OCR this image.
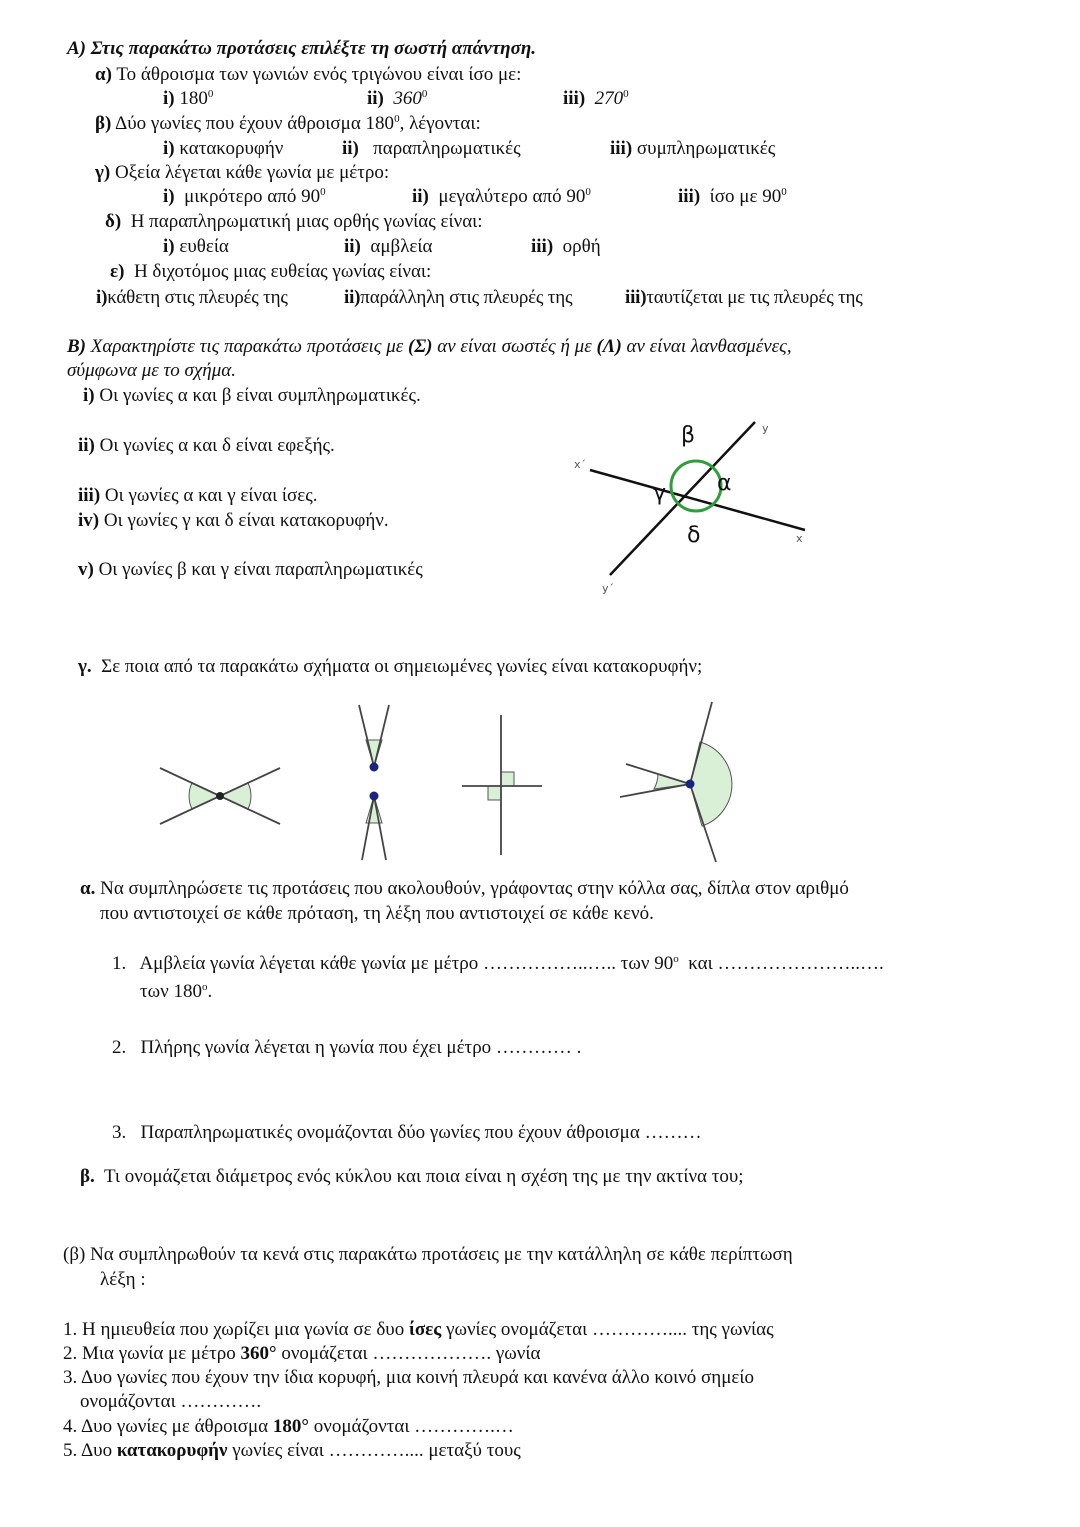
Α) Στις παρακάτω προτάσεις επιλέξτε τη σωστή απάντηση.
α) Το άθροισμα των γωνιών ενός τριγώνου είναι ίσο με:
i) $180^0$	ii) $360^0$	iii) $270^0$
β) Δύο γωνίες που έχουν άθροισμα $180^0$, λέγονται:
i) κατακορυφήν	ii) παραπληρωματικές	iii) συμπληρωματικές
γ) Οξεία λέγεται κάθε γωνία με μέτρο:
i) μικρότερο από $90^0$	ii) μεγαλύτερο από $90^0$	iii) ίσο με $90^0$
δ) Η παραπληρωματική μιας ορθής γωνίας είναι:
i) ευθεία	ii) αμβλεία	iii) ορθή
ε) Η διχοτόμος μιας ευθείας γωνίας είναι:
i)κάθετη στις πλευρές της	ii)παράλληλη στις πλευρές της	iii)ταυτίζεται με τις πλευρές της
Β) Χαρακτηρίστε τις παρακάτω προτάσεις με (Σ) αν είναι σωστές ή με (Λ) αν είναι λανθασμένες,
σύμφωνα με το σχήμα.
i) Οι γωνίες α και β είναι συμπληρωματικές.
ii) Οι γωνίες α και δ είναι εφεξής.
iii) Οι γωνίες α και γ είναι ίσες.
iv) Οι γωνίες γ και δ είναι κατακορυφήν.
v) Οι γωνίες β και γ είναι παραπληρωματικές
β
α
γ
δ
x΄
y
x
y΄
γ. Σε ποια από τα παρακάτω σχήματα οι σημειωμένες γωνίες είναι κατακορυφήν;
α. Να συμπληρώσετε τις προτάσεις που ακολουθούν, γράφοντας στην κόλλα σας, δίπλα στον αριθμό
που αντιστοιχεί σε κάθε πρόταση, τη λέξη που αντιστοιχεί σε κάθε κενό.
1. Αμβλεία γωνία λέγεται κάθε γωνία με μέτρο ……………..….. των $90^o$ και …………………..….
των $180^o$.
2. Πλήρης γωνία λέγεται η γωνία που έχει μέτρο ………… .
3. Παραπληρωματικές ονομάζονται δύο γωνίες που έχουν άθροισμα ………
β. Τι ονομάζεται διάμετρος ενός κύκλου και ποια είναι η σχέση της με την ακτίνα του;
(β) Να συμπληρωθούν τα κενά στις παρακάτω προτάσεις με την κατάλληλη σε κάθε περίπτωση
λέξη :
1. Η ημιευθεία που χωρίζει μια γωνία σε δυο ίσες γωνίες ονομάζεται ………….... της γωνίας
2. Μια γωνία με μέτρο 360° ονομάζεται ………………. γωνία
3. Δυο γωνίες που έχουν την ίδια κορυφή, μια κοινή πλευρά και κανένα άλλο κοινό σημείο
ονομάζονται ………….
4. Δυο γωνίες με άθροισμα 180° ονομάζονται ………….…
5. Δυο κατακορυφήν γωνίες είναι ………….... μεταξύ τους
